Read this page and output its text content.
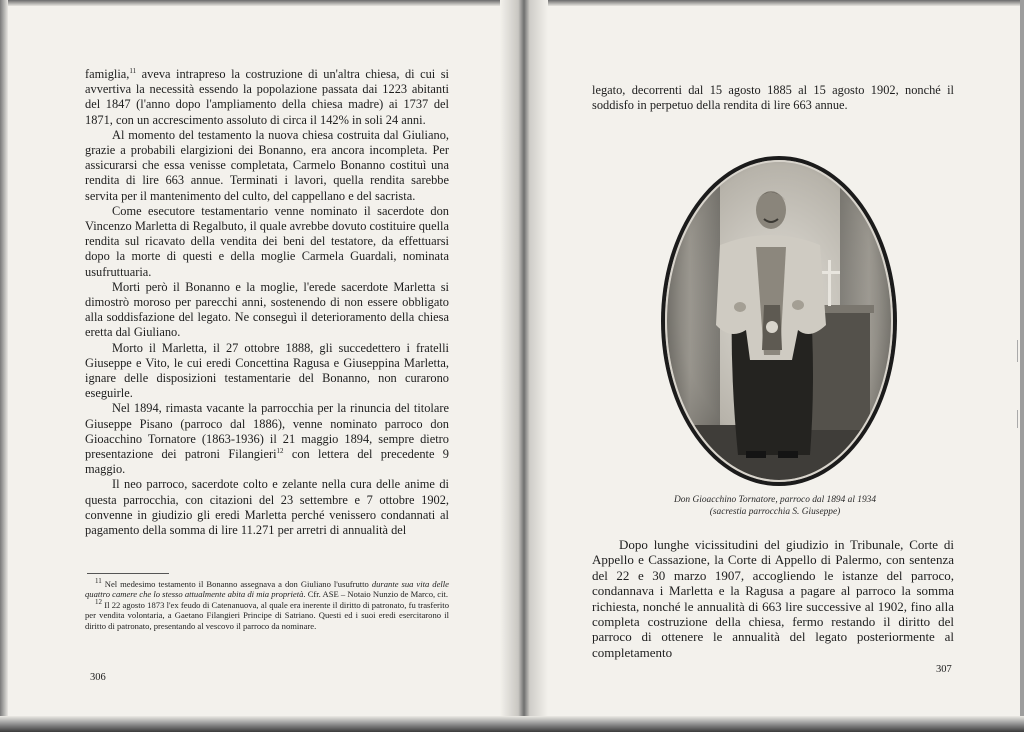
famiglia,$^{11}$ aveva intrapreso la costruzione di un'altra chiesa, di cui si avvertiva la necessità essendo la popolazione passata dai 1223 abitanti del 1847 (l'anno dopo l'ampliamento della chiesa madre) ai 1737 del 1871, con un accrescimento assoluto di circa il 142% in soli 24 anni.

Al momento del testamento la nuova chiesa costruita dal Giuliano, grazie a probabili elargizioni dei Bonanno, era ancora incompleta. Per assicurarsi che essa venisse completata, Carmelo Bonanno costituì una rendita di lire 663 annue. Terminati i lavori, quella rendita sarebbe servita per il mantenimento del culto, del cappellano e del sacrista.

Come esecutore testamentario venne nominato il sacerdote don Vincenzo Marletta di Regalbuto, il quale avrebbe dovuto costituire quella rendita sul ricavato della vendita dei beni del testatore, da effettuarsi dopo la morte di questi e della moglie Carmela Guardali, nominata usufruttuaria.

Morti però il Bonanno e la moglie, l'erede sacerdote Marletta si dimostrò moroso per parecchi anni, sostenendo di non essere obbligato alla soddisfazione del legato. Ne conseguì il deterioramento della chiesa eretta dal Giuliano.

Morto il Marletta, il 27 ottobre 1888, gli succedettero i fratelli Giuseppe e Vito, le cui eredi Concettina Ragusa e Giuseppina Marletta, ignare delle disposizioni testamentarie del Bonanno, non curarono eseguirle.

Nel 1894, rimasta vacante la parrocchia per la rinuncia del titolare Giuseppe Pisano (parroco dal 1886), venne nominato parroco don Gioacchino Tornatore (1863-1936) il 21 maggio 1894, sempre dietro presentazione dei patroni Filangieri$^{12}$ con lettera del precedente 9 maggio.

Il neo parroco, sacerdote colto e zelante nella cura delle anime di questa parrocchia, con citazioni del 23 settembre e 7 ottobre 1902, convenne in giudizio gli eredi Marletta perché venissero condannati al pagamento della somma di lire 11.271 per arretri di annualità del

$^{11}$ Nel medesimo testamento il Bonanno assegnava a don Giuliano l'usufrutto durante sua vita delle quattro camere che lo stesso attualmente abita di mia proprietà. Cfr. ASE – Notaio Nunzio de Marco, cit.

$^{12}$ Il 22 agosto 1873 l'ex feudo di Catenanuova, al quale era inerente il diritto di patronato, fu trasferito per vendita volontaria, a Gaetano Filangieri Principe di Satriano. Questi ed i suoi eredi esercitarono il diritto di patronato, presentando al vescovo il parroco da nominare.

306

legato, decorrenti dal 15 agosto 1885 al 15 agosto 1902, nonché il soddisfo in perpetuo della rendita di lire 663 annue.

Don Gioacchino Tornatore, parroco dal 1894 al 1934
(sacrestia parrocchia S. Giuseppe)

Dopo lunghe vicissitudini del giudizio in Tribunale, Corte di Appello e Cassazione, la Corte di Appello di Palermo, con sentenza del 22 e 30 marzo 1907, accogliendo le istanze del parroco, condannava i Marletta e la Ragusa a pagare al parroco la somma richiesta, nonché le annualità di 663 lire successive al 1902, fino alla completa costruzione della chiesa, fermo restando il diritto del parroco di ottenere le annualità del legato posteriormente al completamento

307
